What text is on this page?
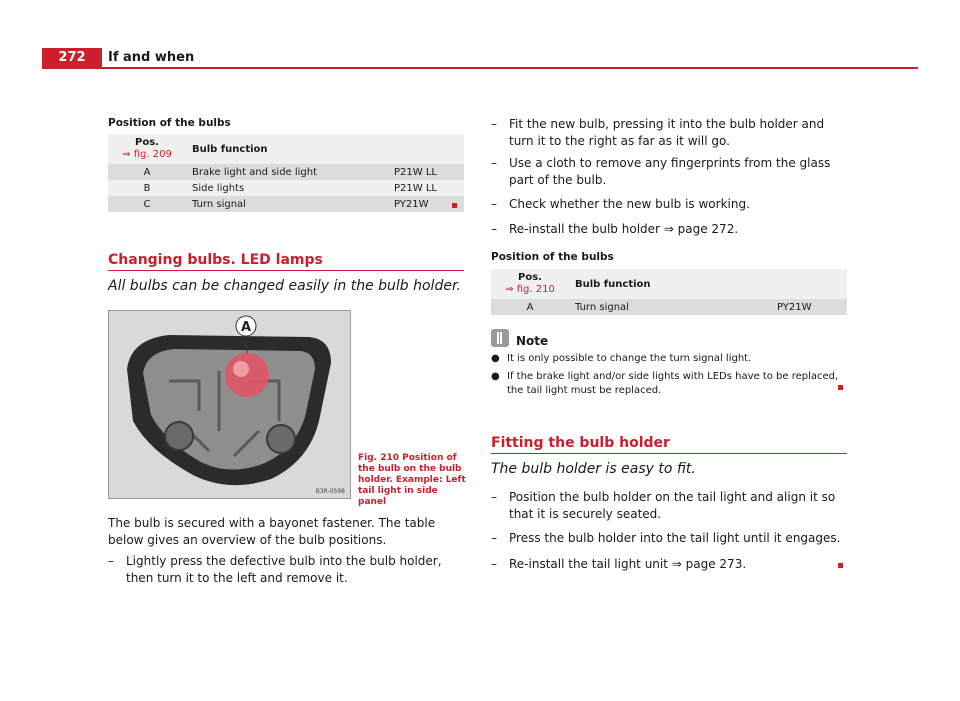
272	If and when
Position of the bulbs
Pos.
⇒ fig. 209	Bulb function	
A	Brake light and side light	P21W LL
B	Side lights	P21W LL
C	Turn signal	PY21W
Changing bulbs. LED lamps
All bulbs can be changed easily in the bulb holder.
A
B3R-0598
Fig. 210 Position of the bulb on the bulb holder. Example: Left tail light in side panel
The bulb is secured with a bayonet fastener. The table below gives an overview of the bulb positions.
– Lightly press the defective bulb into the bulb holder, then turn it to the left and remove it.
– Fit the new bulb, pressing it into the bulb holder and turn it to the right as far as it will go.
– Use a cloth to remove any fingerprints from the glass part of the bulb.
– Check whether the new bulb is working.
– Re-install the bulb holder ⇒ page 272.
Position of the bulbs
Pos.
⇒ fig. 210	Bulb function	
A	Turn signal	PY21W
Note
● It is only possible to change the turn signal light.
● If the brake light and/or side lights with LEDs have to be replaced, the tail light must be replaced.
Fitting the bulb holder
The bulb holder is easy to fit.
– Position the bulb holder on the tail light and align it so that it is securely seated.
– Press the bulb holder into the tail light until it engages.
– Re-install the tail light unit ⇒ page 273.
